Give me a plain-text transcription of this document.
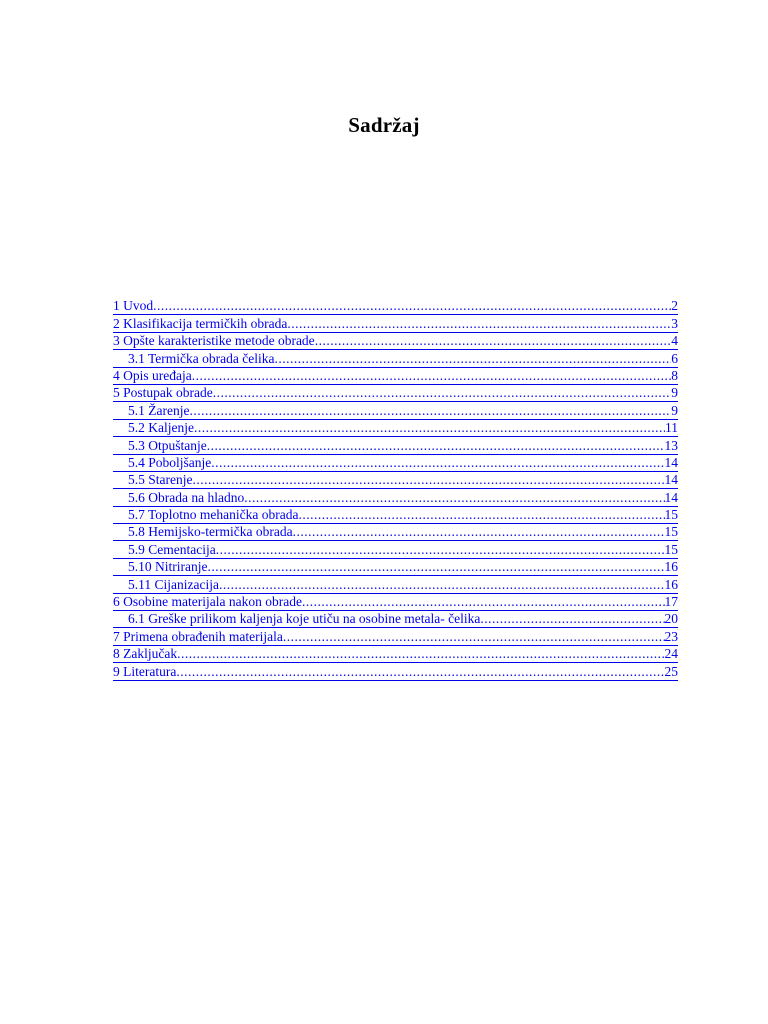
Sadržaj
1 Uvod .....	2
2 Klasifikacija termičkih obrada .....	3
3 Opšte karakteristike metode obrade .....	4
3.1 Termička obrada čelika .....	6
4 Opis uređaja .....	8
5 Postupak obrade .....	9
5.1 Žarenje .....	9
5.2 Kaljenje .....	11
5.3 Otpuštanje .....	13
5.4 Poboljšanje .....	14
5.5 Starenje .....	14
5.6 Obrada na hladno .....	14
5.7 Toplotno mehanička obrada .....	15
5.8 Hemijsko-termička obrada .....	15
5.9 Cementacija .....	15
5.10 Nitriranje .....	16
5.11 Cijanizacija .....	16
6 Osobine materijala nakon obrade .....	17
6.1 Greške prilikom kaljenja koje utiču na osobine metala- čelika .....	20
7 Primena obrađenih materijala .....	23
8 Zaključak .....	24
9 Literatura .....	25
